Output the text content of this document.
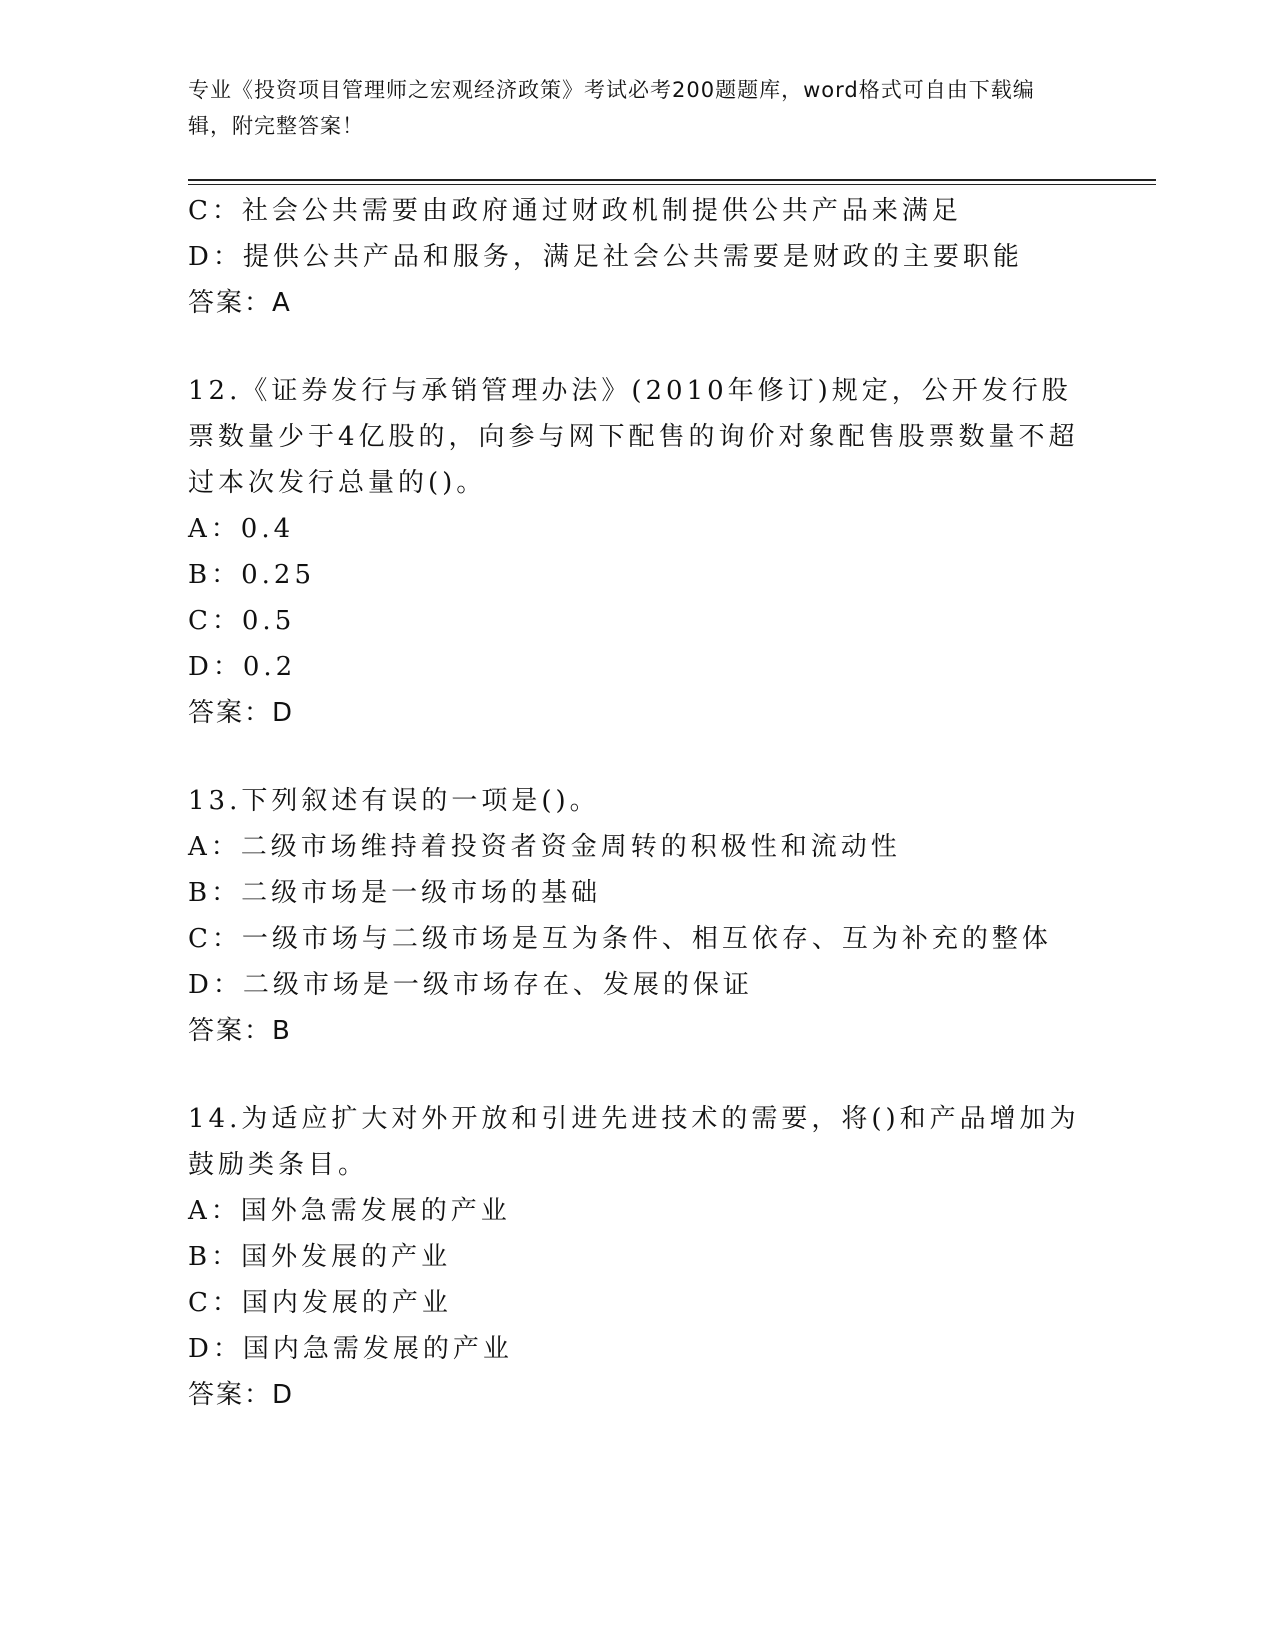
专业《投资项目管理师之宏观经济政策》考试必考200题题库，word格式可自由下载编辑，附完整答案！
C：社会公共需要由政府通过财政机制提供公共产品来满足
D：提供公共产品和服务，满足社会公共需要是财政的主要职能
答案：A
12.《证券发行与承销管理办法》(2010年修订)规定，公开发行股票数量少于4亿股的，向参与网下配售的询价对象配售股票数量不超过本次发行总量的()。
A：0.4
B：0.25
C：0.5
D：0.2
答案：D
13.下列叙述有误的一项是()。
A：二级市场维持着投资者资金周转的积极性和流动性
B：二级市场是一级市场的基础
C：一级市场与二级市场是互为条件、相互依存、互为补充的整体
D：二级市场是一级市场存在、发展的保证
答案：B
14.为适应扩大对外开放和引进先进技术的需要，将()和产品增加为鼓励类条目。
A：国外急需发展的产业
B：国外发展的产业
C：国内发展的产业
D：国内急需发展的产业
答案：D
